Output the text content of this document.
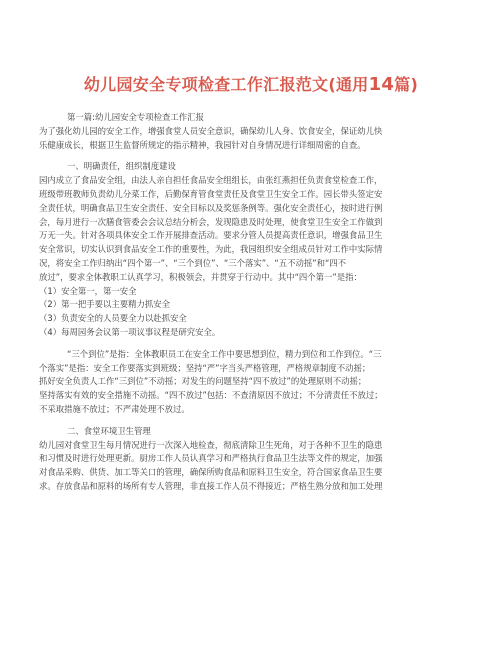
幼儿园安全专项检查工作汇报范文(通用14篇)

第一篇:幼儿园安全专项检查工作汇报

为了强化幼儿园的安全工作，增强食堂人员安全意识，确保幼儿人身、饮食安全，保证幼儿快

乐健康成长，根据卫生监督所规定的指示精神，我园针对自身情况进行详细周密的自查。

一、明确责任，组织制度建设

园内成立了食品安全组，由法人亲自担任食品安全组组长，由张红燕担任负责食堂检查工作，

班级带班教师负责幼儿分菜工作，后勤保育管食堂责任及食堂卫生安全工作。园长带头签定安

全责任状，明确食品卫生安全责任、安全目标以及奖惩条例等。强化安全责任心，按时进行例

会，每月进行一次膳食管委会会议总结分析会，发现隐患及时处理，使食堂卫生安全工作做到

万无一失。针对各项具体安全工作开展排查活动。要求分管人员提高责任意识，增强食品卫生

安全常识，切实认识到食品安全工作的重要性，为此，我园组织安全组成员针对工作中实际情

况，将安全工作归纳出“四个第一”、“三个到位”、“三个落实”、“五不动摇”和“四不

放过”，要求全体教职工认真学习，积极领会，并贯穿于行动中。其中“四个第一”是指：

（1）安全第一，第一安全

（2）第一把手要以主要精力抓安全

（3）负责安全的人员要全力以赴抓安全

（4）每周园务会议第一项议事议程是研究安全。

“三个到位”是指：全体教职员工在安全工作中要思想到位，精力到位和工作到位。“三

个落实”是指：安全工作要落实到班级；坚持“严”字当头严格管理，严格规章制度不动摇；

抓好安全负责人工作“三到位”不动摇；对发生的问题坚持“四不放过”的处理原则不动摇；

坚持落实有效的安全措施不动摇。“四不放过”包括：不查清原因不放过；不分清责任不放过；

不采取措施不放过；不严肃处理不放过。

二、食堂环境卫生管理

幼儿园对食堂卫生每月情况进行一次深入地检查，彻底清除卫生死角，对于各种不卫生的隐患

和习惯及时进行处理更新。厨房工作人员认真学习和严格执行食品卫生法等文件的规定，加强

对食品采购、供货、加工等关口的管理，确保所购食品和原料卫生安全，符合国家食品卫生要

求。存放食品和原料的场所有专人管理，非直接工作人员不得接近；严格生熟分放和加工处理
